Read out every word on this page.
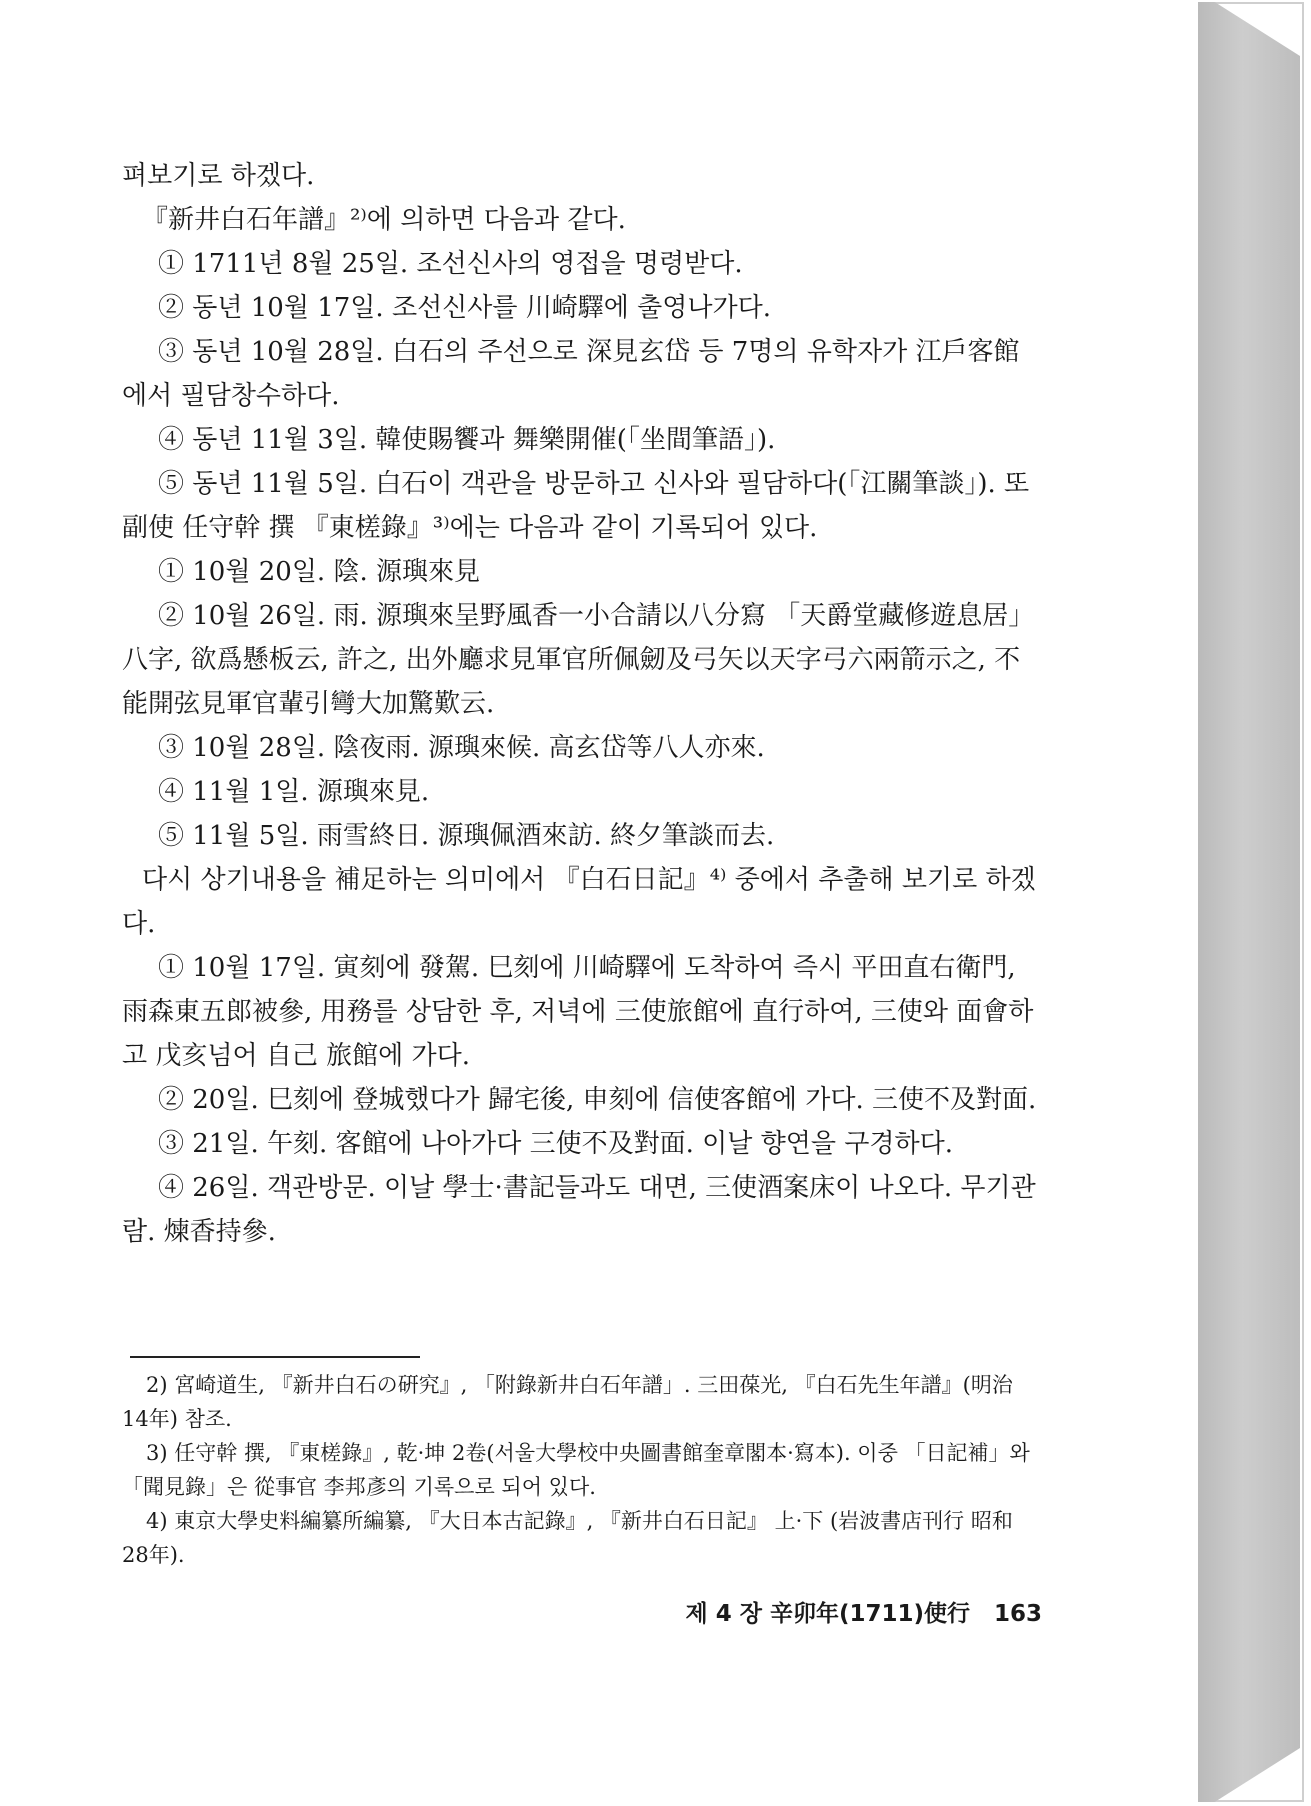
펴보기로 하겠다.

『新井白石年譜』²⁾에 의하면 다음과 같다.

① 1711년 8월 25일. 조선신사의 영접을 명령받다.

② 동년 10월 17일. 조선신사를 川崎驛에 출영나가다.

③ 동년 10월 28일. 白石의 주선으로 深見玄岱 등 7명의 유학자가 江戶客館에서 필담창수하다.

④ 동년 11월 3일. 韓使賜饗과 舞樂開催(「坐間筆語」).

⑤ 동년 11월 5일. 白石이 객관을 방문하고 신사와 필담하다(「江關筆談」). 또 副使 任守幹 撰 『東槎錄』³⁾에는 다음과 같이 기록되어 있다.

① 10월 20일. 陰. 源璵來見

② 10월 26일. 雨. 源璵來呈野風香一小合請以八分寫 「天爵堂藏修遊息居」八字, 欲爲懸板云, 許之, 出外廳求見軍官所佩劒及弓矢以天字弓六兩箭示之, 不能開弦見軍官輩引彎大加驚歎云.

③ 10월 28일. 陰夜雨. 源璵來候. 高玄岱等八人亦來.

④ 11월 1일. 源璵來見.

⑤ 11월 5일. 雨雪終日. 源璵佩酒來訪. 終夕筆談而去.

다시 상기내용을 補足하는 의미에서 『白石日記』⁴⁾ 중에서 추출해 보기로 하겠다.

① 10월 17일. 寅刻에 發駕. 巳刻에 川崎驛에 도착하여 즉시 平田直右衛門, 雨森東五郎被參, 用務를 상담한 후, 저녁에 三使旅館에 直行하여, 三使와 面會하고 戊亥넘어 自己 旅館에 가다.

② 20일. 巳刻에 登城했다가 歸宅後, 申刻에 信使客館에 가다. 三使不及對面.

③ 21일. 午刻. 客館에 나아가다 三使不及對面. 이날 향연을 구경하다.

④ 26일. 객관방문. 이날 學士·書記들과도 대면, 三使酒案床이 나오다. 무기관람. 煉香持參.

2) 宮崎道生, 『新井白石の硏究』, 「附錄新井白石年譜」. 三田葆光, 『白石先生年譜』(明治14年) 참조.

3) 任守幹 撰, 『東槎錄』, 乾·坤 2卷(서울大學校中央圖書館奎章閣本·寫本). 이중 「日記補」와 「聞見錄」은 從事官 李邦彥의 기록으로 되어 있다.

4) 東京大學史料編纂所編纂, 『大日本古記錄』, 『新井白石日記』 上·下 (岩波書店刊行 昭和 28年).

제 4 장 辛卯年(1711)使行 163
